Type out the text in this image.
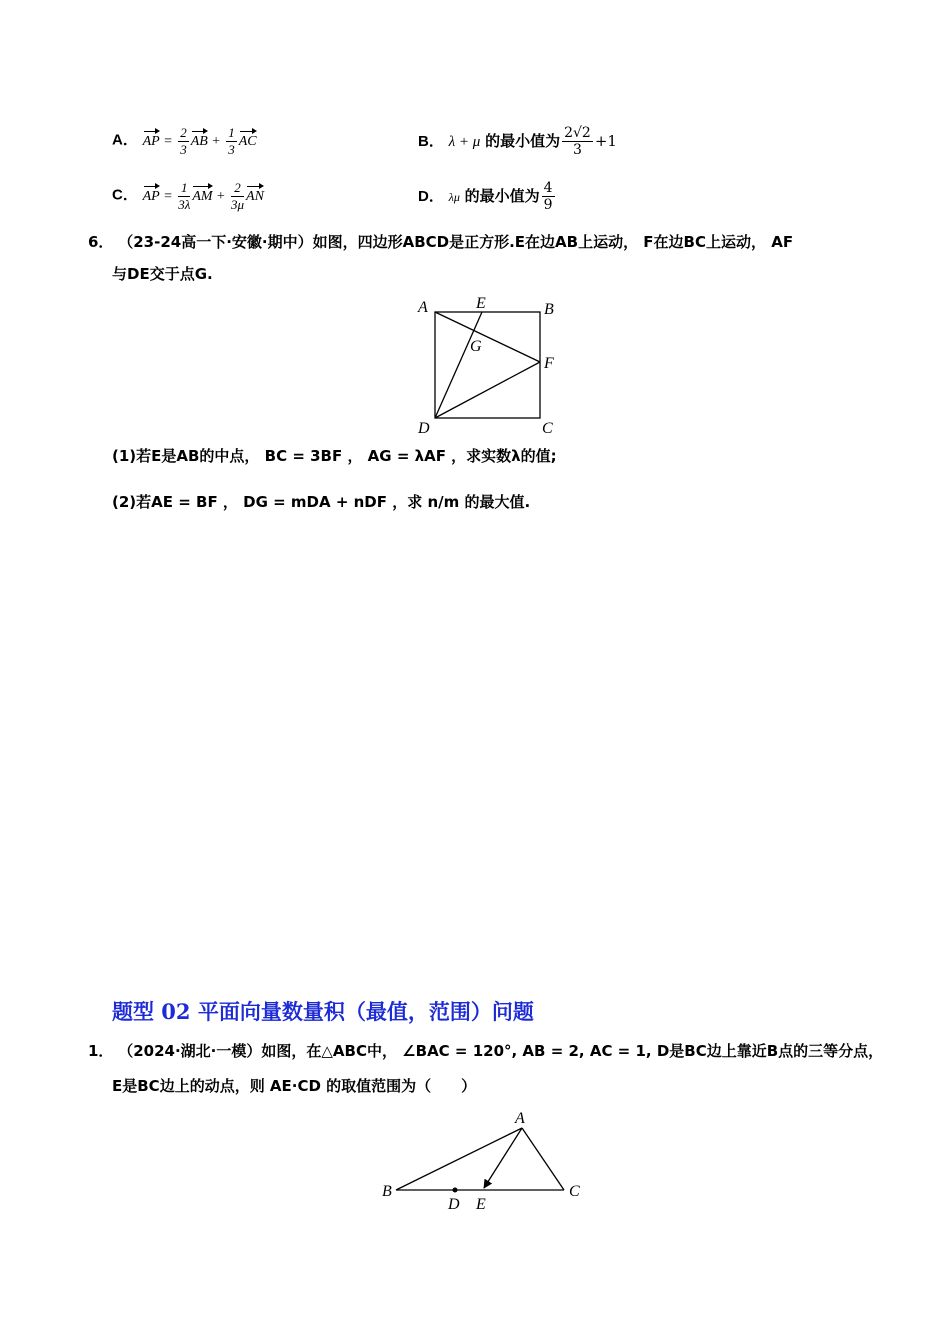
A． AP = $\frac{2}{3}$ AB + $\frac{1}{3}$ AC	B． λ + μ 的最小值为 $\frac{2√2}{3} +1$
C． AP = $\frac{1}{3\lambda}$ AM + $\frac{2}{3\mu}$ AN	D． λμ 的最小值为 $\frac{4}{9}$
6． （23-24高一下·安徽·期中）如图，四边形ABCD是正方形.E在边AB上运动， F在边BC上运动， AF
与DE交于点G.
A	E	B
G
F
D	C
(1)若E是AB的中点， BC = 3BF ， AG = λAF ，求实数λ的值;
(2)若AE = BF ， DG = mDA + nDF ，求 n/m 的最大值.
题型 02 平面向量数量积（最值，范围）问题
1． （2024·湖北·一模）如图，在△ABC中， ∠BAC = 120°, AB = 2, AC = 1, D是BC边上靠近B点的三等分点，
E是BC边上的动点，则 AE·CD 的取值范围为（　　）
A
B
D E
C
